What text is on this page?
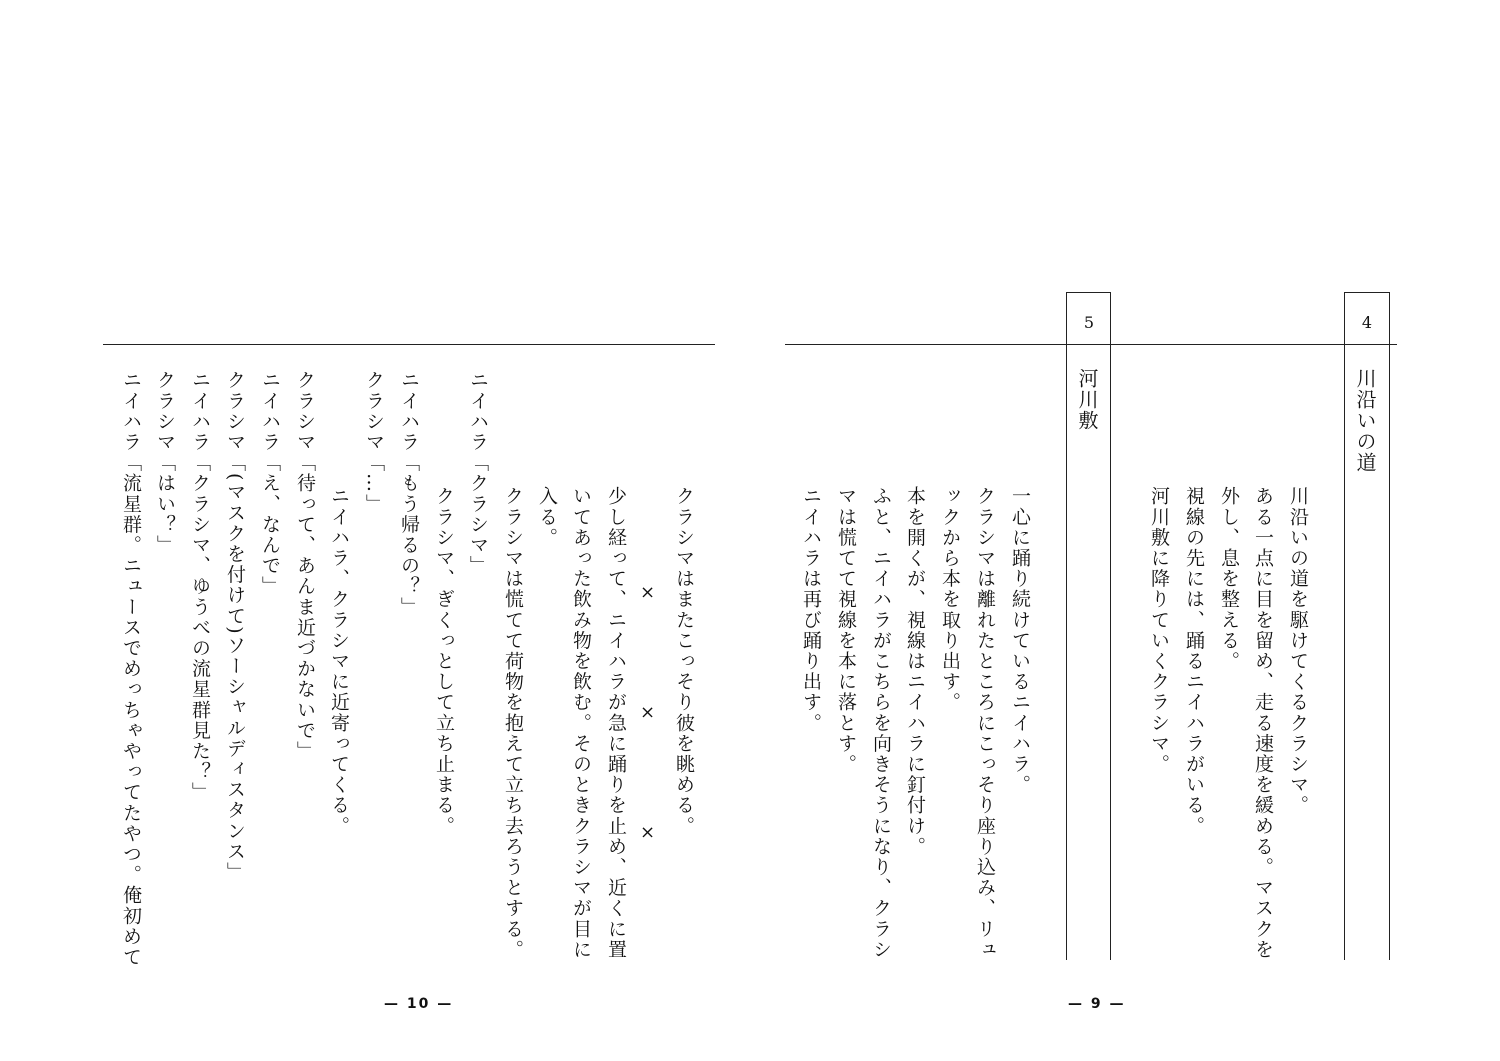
クラシマはまたこっそり彼を眺める。
×
×
×
少し経って、ニイハラが急に踊りを止め、近くに置
いてあった飲み物を飲む。そのときクラシマが目に
入る。
クラシマは慌てて荷物を抱えて立ち去ろうとする。
ニイハラ「クラシマ」
クラシマ、ぎくっとして立ち止まる。
ニイハラ「もう帰るの？」
クラシマ「…」
ニイハラ、クラシマに近寄ってくる。
クラシマ「待って、あんま近づかないで」
ニイハラ「え、なんで」
クラシマ「(マスクを付けて)ソーシャルディスタンス」
ニイハラ「クラシマ、ゆうべの流星群見た？」
クラシマ「はい？」
ニイハラ「流星群。ニュースでめっちゃやってたやつ。俺初めて
— 10 —
4
川沿いの道
川沿いの道を駆けてくるクラシマ。
ある一点に目を留め、走る速度を緩める。マスクを
外し、息を整える。
視線の先には、踊るニイハラがいる。
河川敷に降りていくクラシマ。
5
河川敷
一心に踊り続けているニイハラ。
クラシマは離れたところにこっそり座り込み、リュ
ックから本を取り出す。
本を開くが、視線はニイハラに釘付け。
ふと、ニイハラがこちらを向きそうになり、クラシ
マは慌てて視線を本に落とす。
ニイハラは再び踊り出す。
— 9 —
